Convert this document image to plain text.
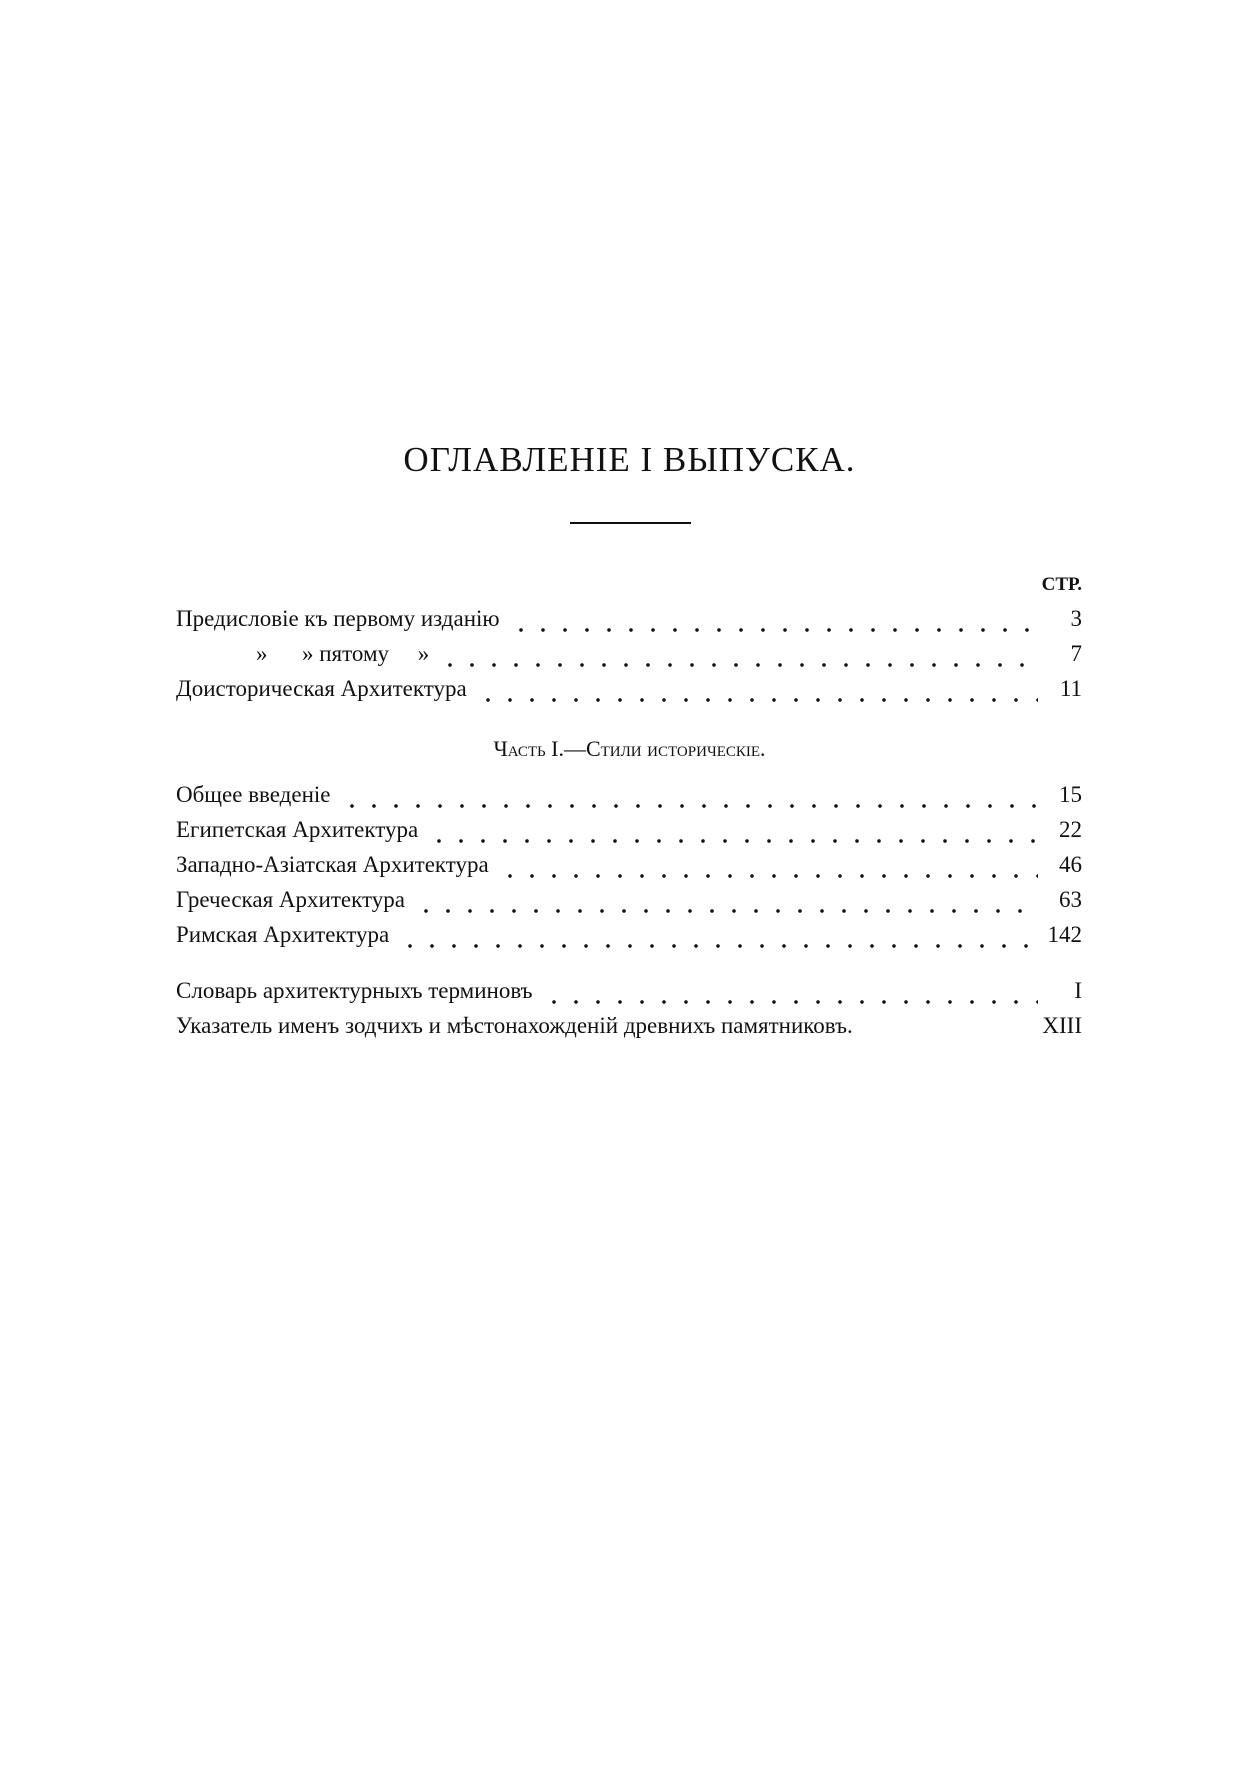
ОГЛАВЛЕНІЕ I ВЫПУСКА.
СТР.
Предисловіе къ первому изданію	3
»      » пятому     »	7
Доисторическая Архитектура	11
Часть I.—Стили историческіе.
Общее введеніе	15
Египетская Архитектура	22
Западно-Азіатская Архитектура	46
Греческая Архитектура	63
Римская Архитектура	142
Словарь архитектурныхъ терминовъ	I
Указатель именъ зодчихъ и мѣстонахожденій древнихъ памятниковъ.	XIII
